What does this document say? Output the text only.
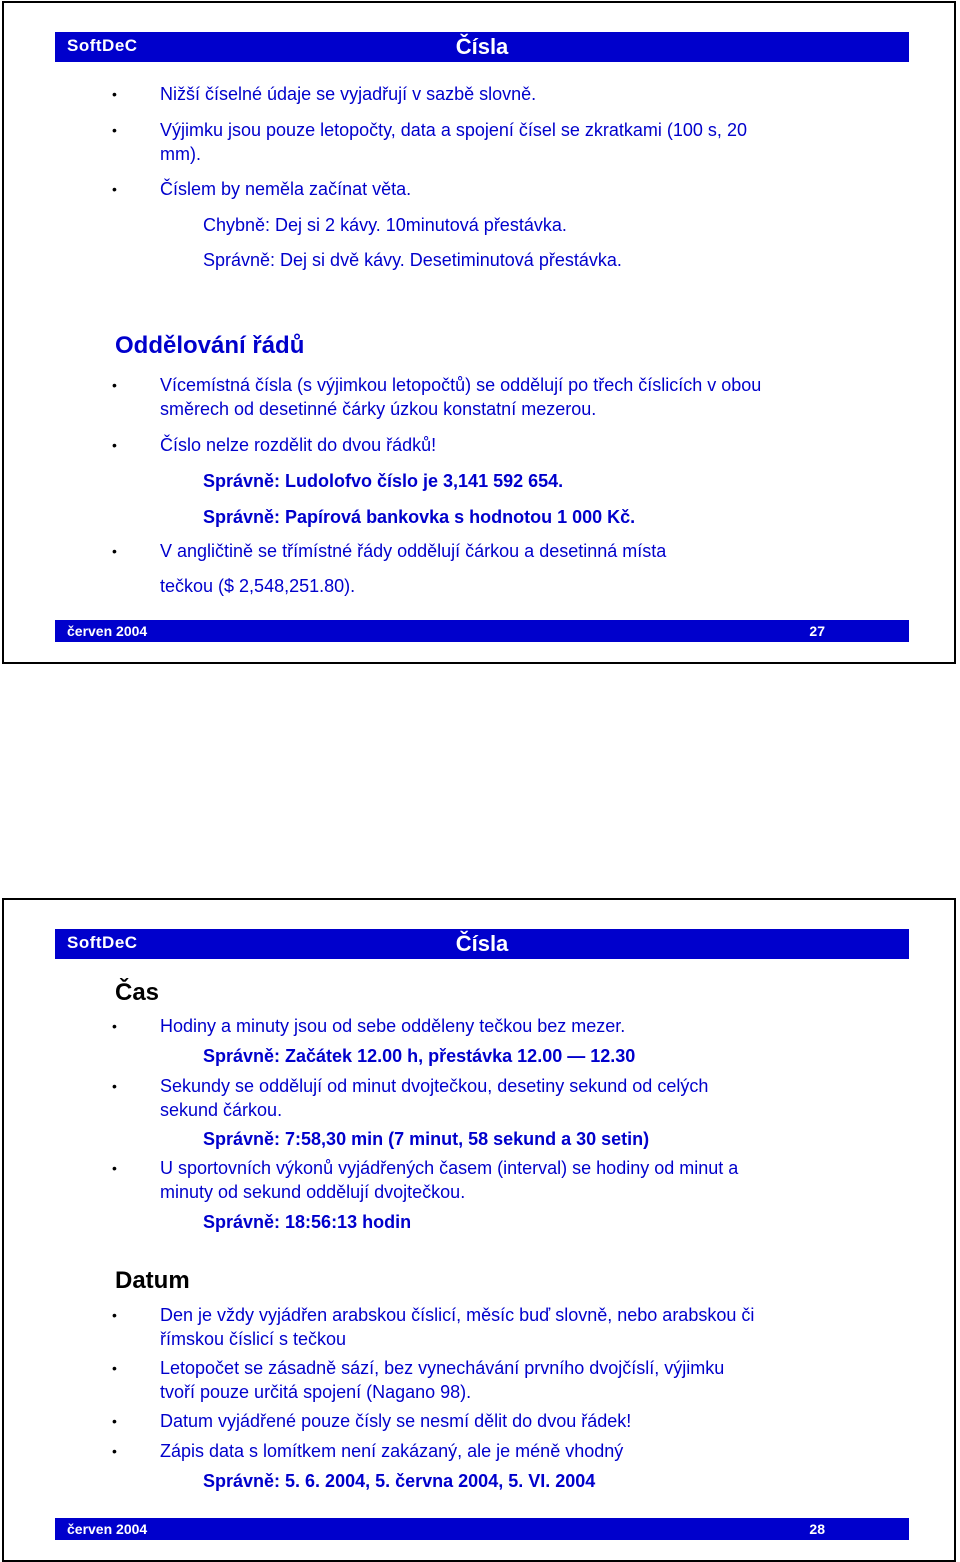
SoftDeC	Čísla
• Nižší číselné údaje se vyjadřují v sazbě slovně.
• Výjimku jsou pouze letopočty, data a spojení čísel se zkratkami (100 s, 20
mm).
• Číslem by neměla začínat věta.
Chybně: Dej si 2 kávy. 10minutová přestávka.
Správně: Dej si dvě kávy. Desetiminutová přestávka.
Oddělování řádů
• Vícemístná čísla (s výjimkou letopočtů) se oddělují po třech číslicích v obou
směrech od desetinné čárky úzkou konstatní mezerou.
• Číslo nelze rozdělit do dvou řádků!
Správně: Ludolofvo číslo je 3,141 592 654.
Správně: Papírová bankovka s hodnotou 1 000 Kč.
• V angličtině se třímístné řády oddělují čárkou a desetinná místa
tečkou ($ 2,548,251.80).
červen 2004	27
SoftDeC	Čísla
Čas
• Hodiny a minuty jsou od sebe odděleny tečkou bez mezer.
Správně: Začátek 12.00 h, přestávka 12.00 — 12.30
• Sekundy se oddělují od minut dvojtečkou, desetiny sekund od celých
sekund čárkou.
Správně: 7:58,30 min (7 minut, 58 sekund a 30 setin)
• U sportovních výkonů vyjádřených časem (interval) se hodiny od minut a
minuty od sekund oddělují dvojtečkou.
Správně: 18:56:13 hodin
Datum
• Den je vždy vyjádřen arabskou číslicí, měsíc buď slovně, nebo arabskou či
římskou číslicí s tečkou
• Letopočet se zásadně sází, bez vynechávání prvního dvojčíslí, výjimku
tvoří pouze určitá spojení (Nagano 98).
• Datum vyjádřené pouze čísly se nesmí dělit do dvou řádek!
• Zápis data s lomítkem není zakázaný, ale je méně vhodný
Správně: 5. 6. 2004, 5. června 2004, 5. VI. 2004
červen 2004	28
